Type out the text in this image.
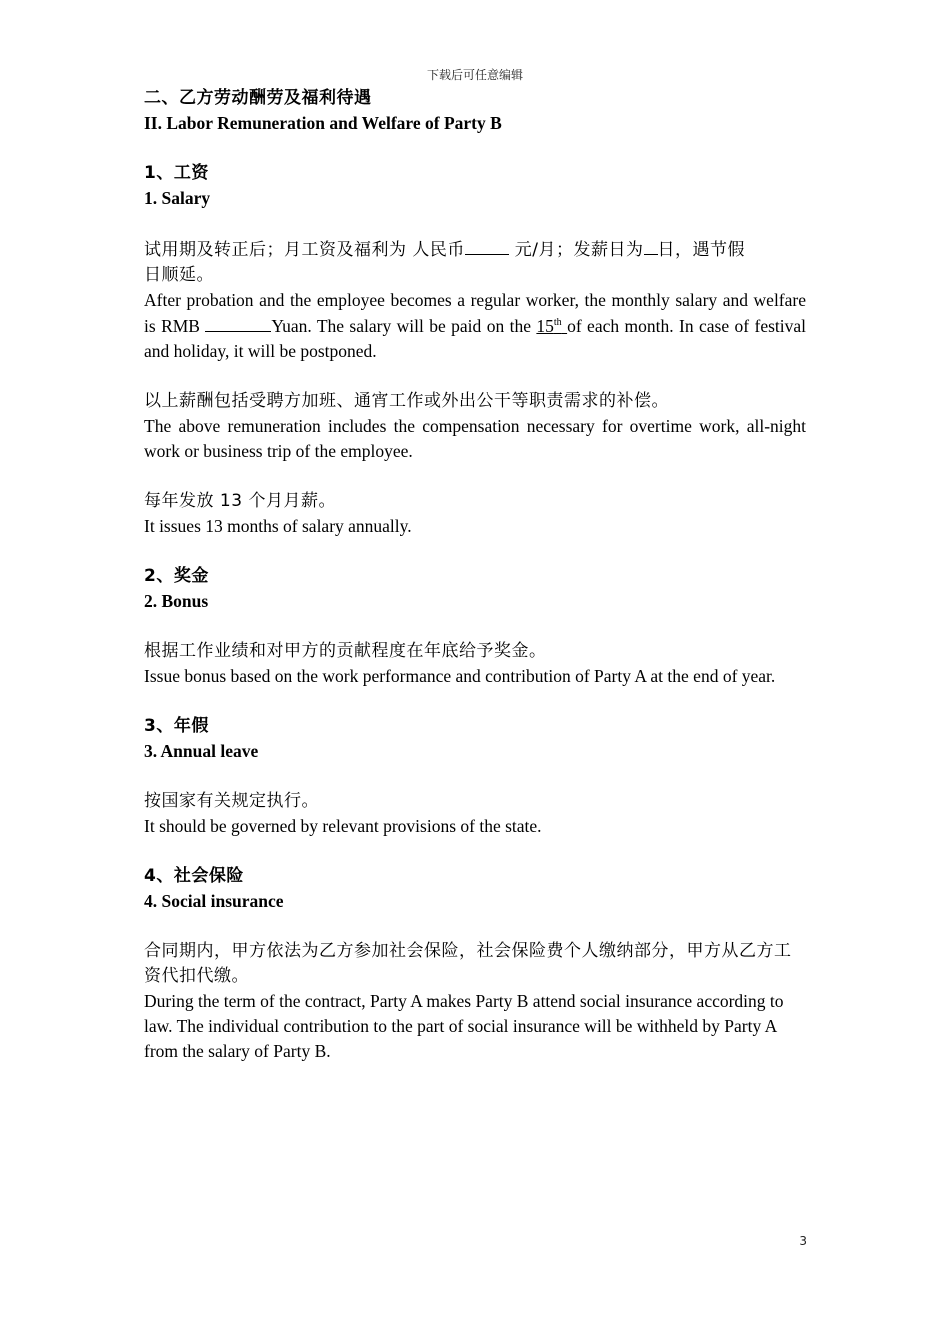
下载后可任意编辑

二、乙方劳动酬劳及福利待遇

II. Labor Remuneration and Welfare of Party B

1、工资

1. Salary

试用期及转正后；月工资及福利为 人民币	元/月；发薪日为 日，遇节假
日顺延。

After probation and the employee becomes a regular worker, the monthly salary and welfare is RMB	Yuan. The salary will be paid on the 15th of each month. In case of festival and holiday, it will be postponed.

以上薪酬包括受聘方加班、通宵工作或外出公干等职责需求的补偿。

The above remuneration includes the compensation necessary for overtime work, all-night work or business trip of the employee.

每年发放 13 个月月薪。

It issues 13 months of salary annually.

2、奖金

2. Bonus

根据工作业绩和对甲方的贡献程度在年底给予奖金。

Issue bonus based on the work performance and contribution of Party A at the end of year.

3、年假

3. Annual leave

按国家有关规定执行。

It should be governed by relevant provisions of the state.

4、社会保险

4. Social insurance

合同期内，甲方依法为乙方参加社会保险，社会保险费个人缴纳部分，甲方从乙方工资代扣代缴。

During the term of the contract, Party A makes Party B attend social insurance according to law. The individual contribution to the part of social insurance will be withheld by Party A from the salary of Party B.

3
